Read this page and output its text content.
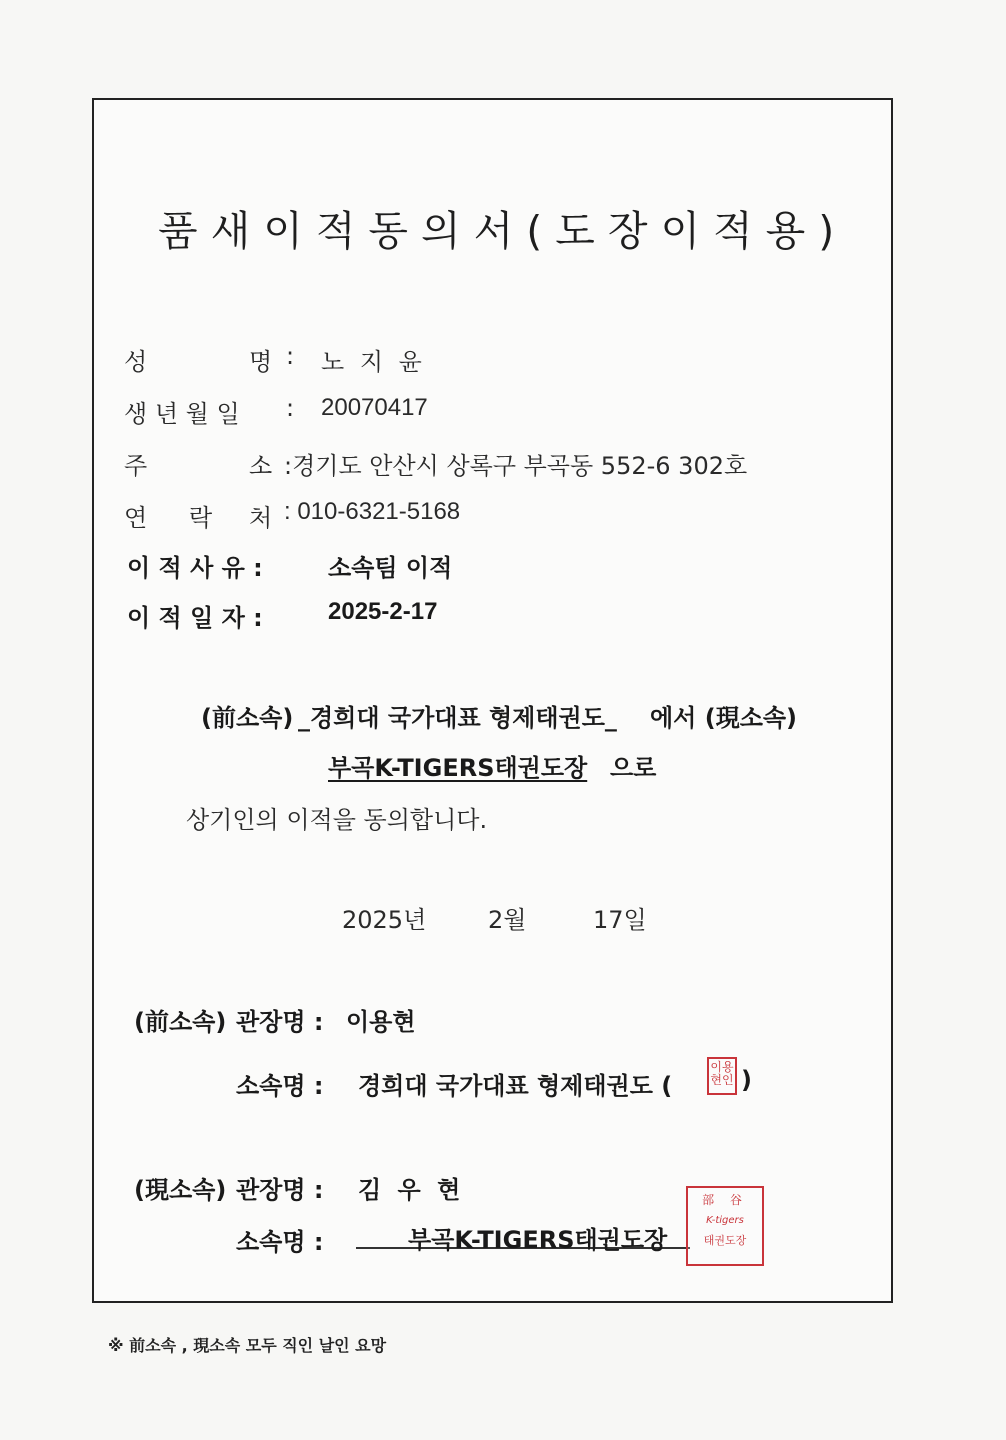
품새이적동의서(도장이적용)
성	명 : 노 지 윤
생 년 월 일 : 20070417
주	소 :경기도 안산시 상록구 부곡동 552-6 302호
연 락 처 : 010-6321-5168
이 적 사 유 :	소속팀 이적
이 적 일 자 :	2025-2-17
(前소속) _경희대 국가대표 형제태권도_ 에서 (現소속)
부곡K-TIGERS태권도장 으로
상기인의 이적을 동의합니다.
2025년	2월	17일
(前소속) 관장명 : 이용현
소속명 : 경희대 국가대표 형제태권도 (
이용
현인 )
(現소속) 관장명 : 김 우 현
소속명 :	부곡K-TIGERS태권도장
部 谷
K-tigers
태권도장
※ 前소속 , 現소속 모두 직인 날인 요망
